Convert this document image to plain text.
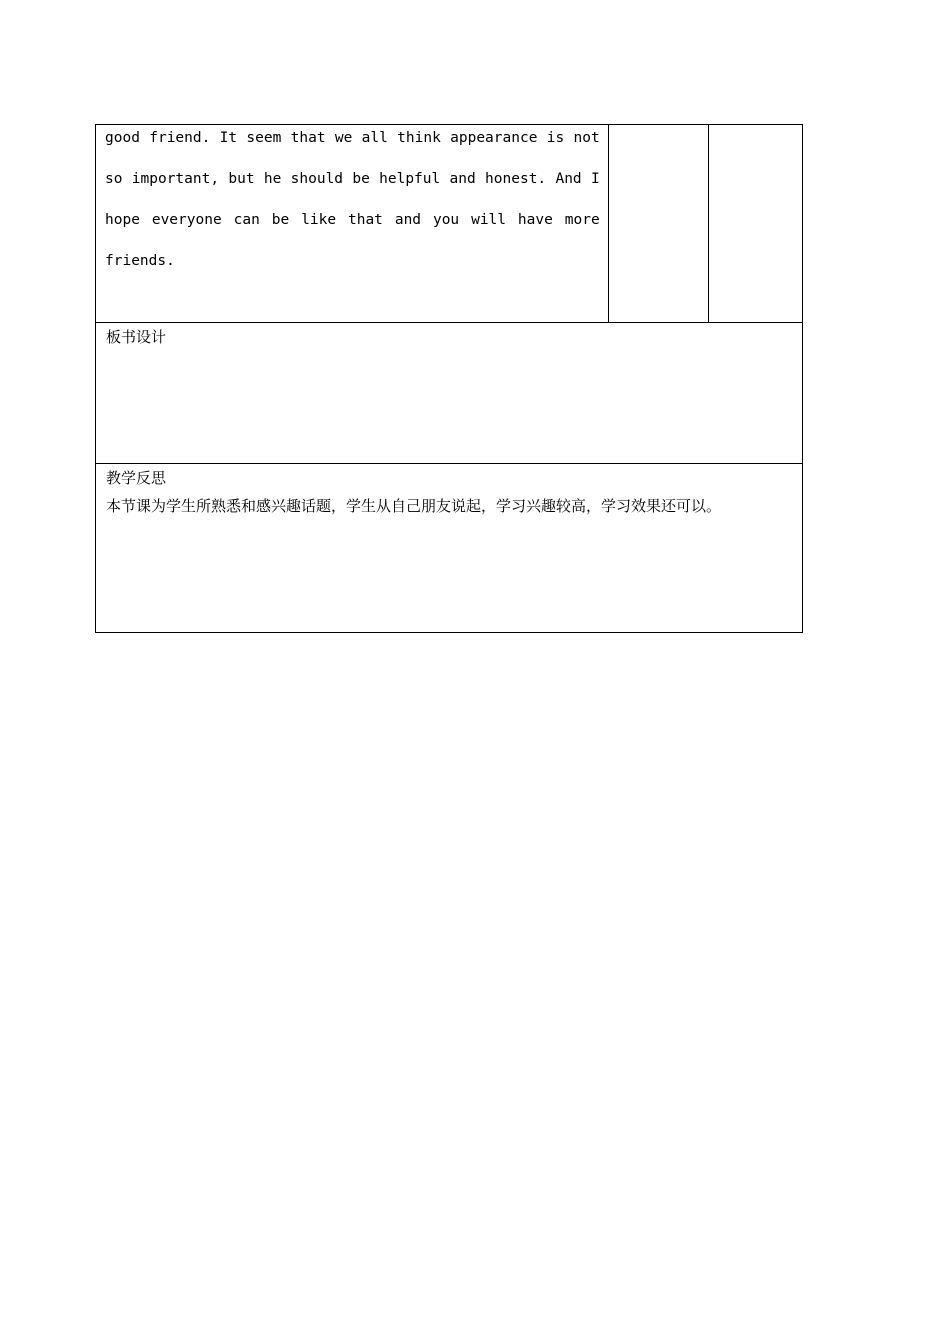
good friend. It seem that we all think appearance is not
so important, but he should be helpful and honest. And I
hope everyone can be like that and you will have more
friends.

板书设计

教学反思
本节课为学生所熟悉和感兴趣话题，学生从自己朋友说起，学习兴趣较高，学习效果还可以。
